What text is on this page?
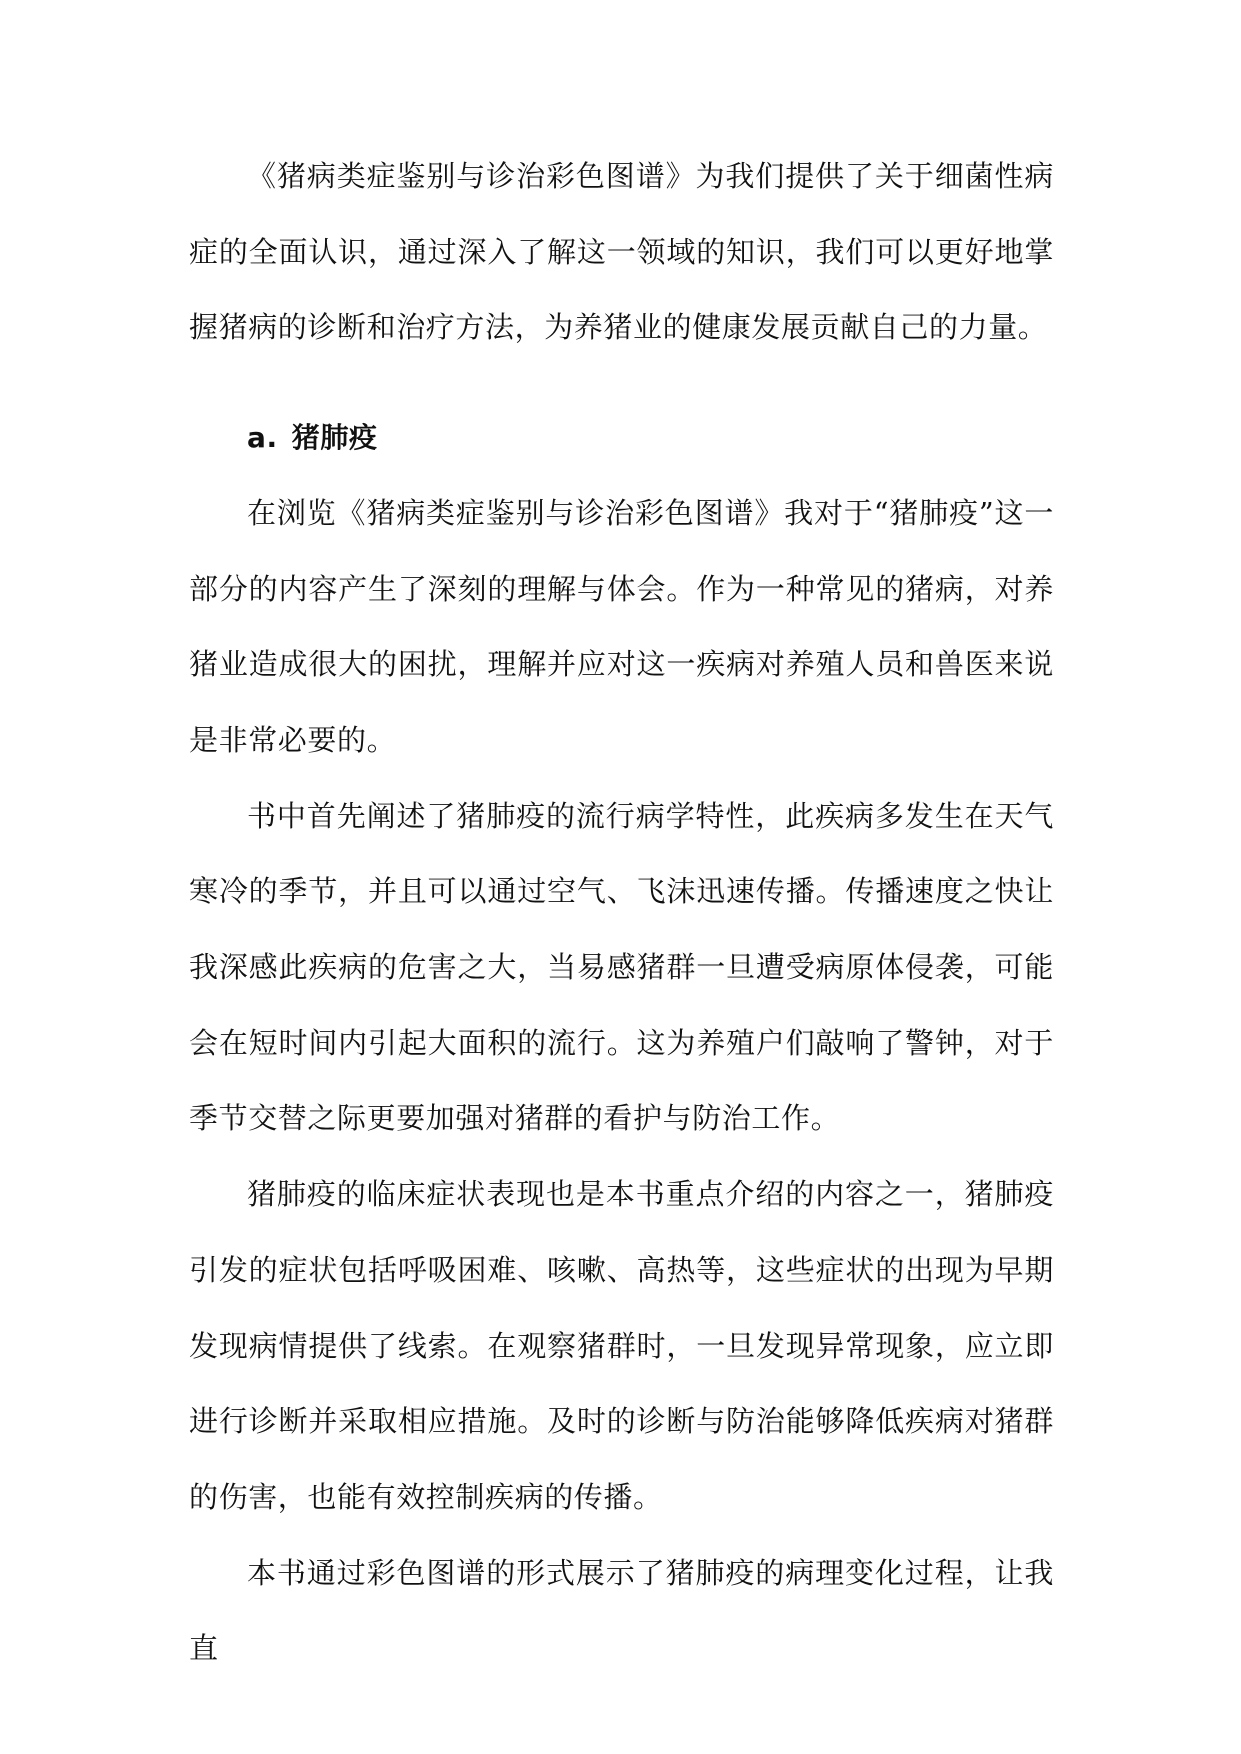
《猪病类症鉴别与诊治彩色图谱》为我们提供了关于细菌性病症的全面认识，通过深入了解这一领域的知识，我们可以更好地掌握猪病的诊断和治疗方法，为养猪业的健康发展贡献自己的力量。

a. 猪肺疫

在浏览《猪病类症鉴别与诊治彩色图谱》我对于“猪肺疫”这一部分的内容产生了深刻的理解与体会。作为一种常见的猪病，对养猪业造成很大的困扰，理解并应对这一疾病对养殖人员和兽医来说是非常必要的。

书中首先阐述了猪肺疫的流行病学特性，此疾病多发生在天气寒冷的季节，并且可以通过空气、飞沫迅速传播。传播速度之快让我深感此疾病的危害之大，当易感猪群一旦遭受病原体侵袭，可能会在短时间内引起大面积的流行。这为养殖户们敲响了警钟，对于季节交替之际更要加强对猪群的看护与防治工作。

猪肺疫的临床症状表现也是本书重点介绍的内容之一，猪肺疫引发的症状包括呼吸困难、咳嗽、高热等，这些症状的出现为早期发现病情提供了线索。在观察猪群时，一旦发现异常现象，应立即进行诊断并采取相应措施。及时的诊断与防治能够降低疾病对猪群的伤害，也能有效控制疾病的传播。

本书通过彩色图谱的形式展示了猪肺疫的病理变化过程，让我直
